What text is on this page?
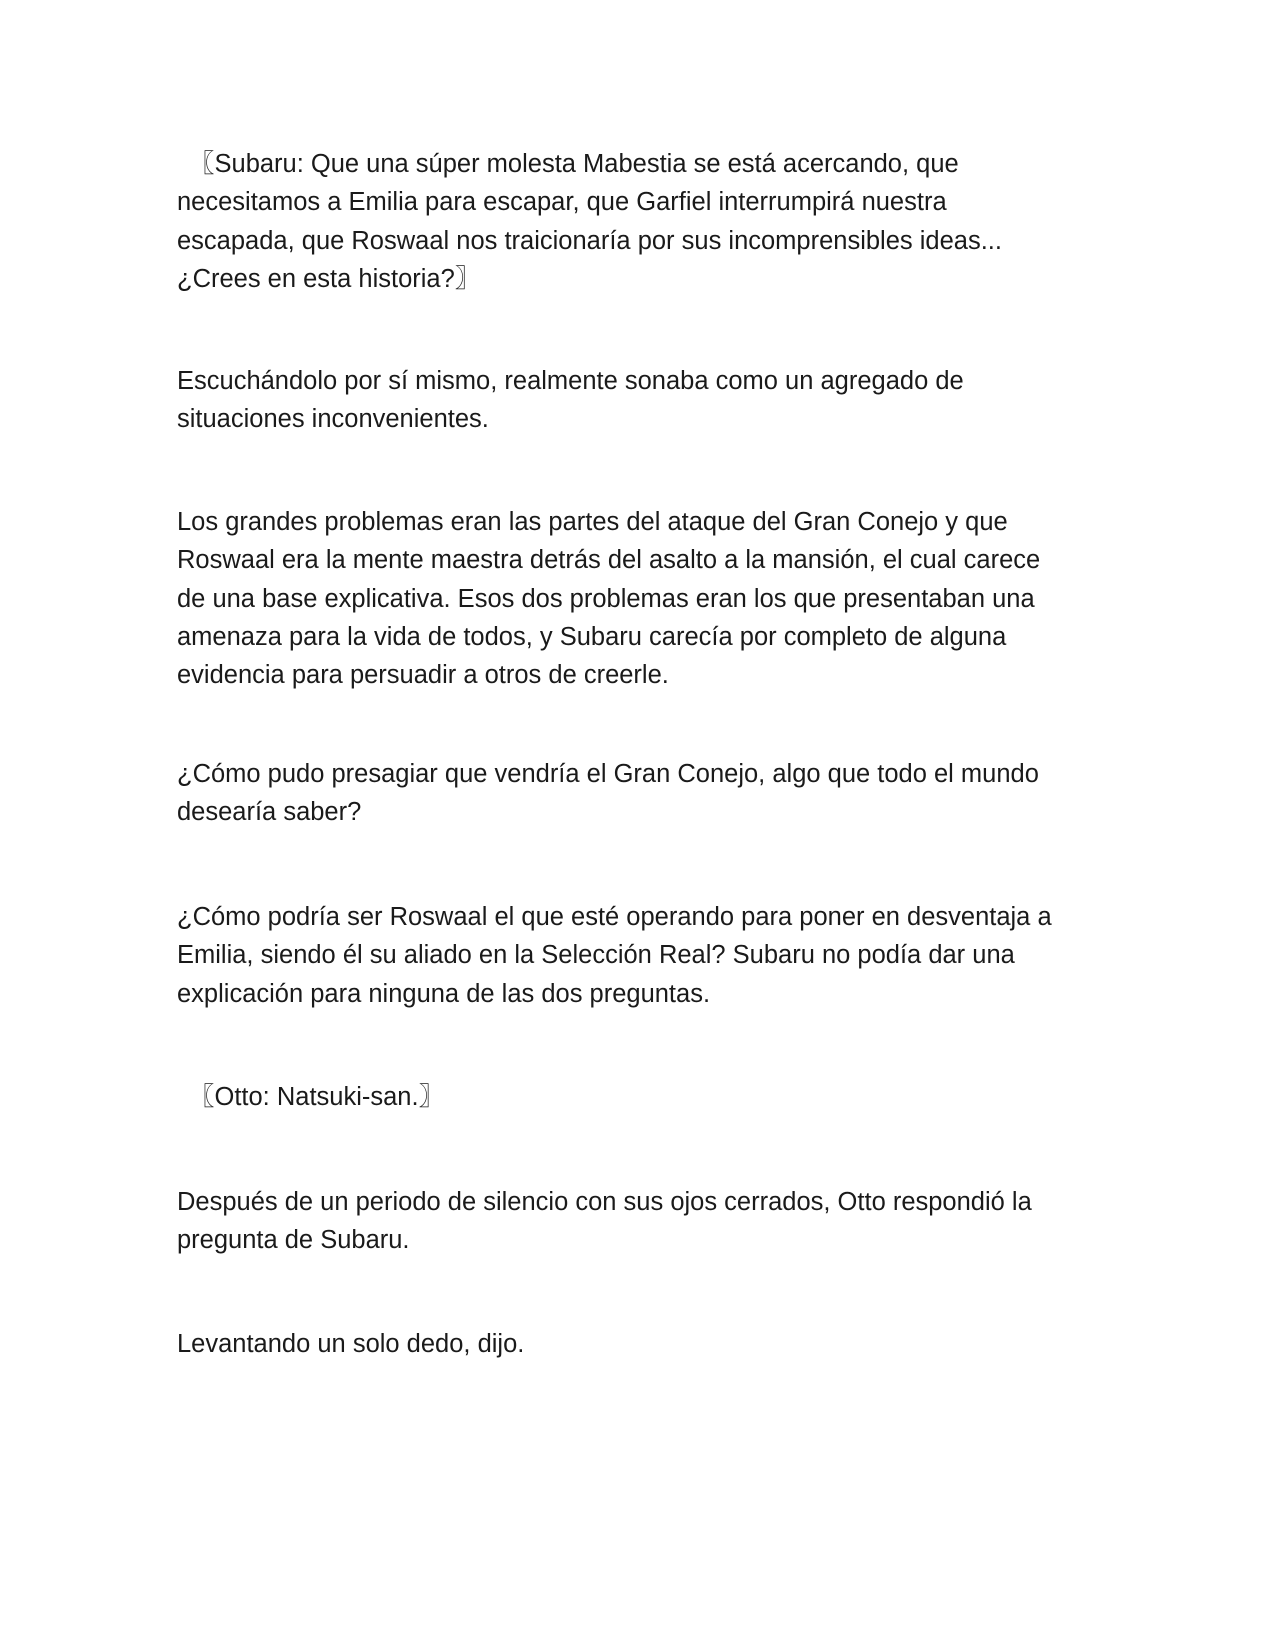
〖Subaru: Que una súper molesta Mabestia se está acercando, que
necesitamos a Emilia para escapar, que Garfiel interrumpirá nuestra
escapada, que Roswaal nos traicionaría por sus incomprensibles ideas...
¿Crees en esta historia?〗

Escuchándolo por sí mismo, realmente sonaba como un agregado de
situaciones inconvenientes.

Los grandes problemas eran las partes del ataque del Gran Conejo y que
Roswaal era la mente maestra detrás del asalto a la mansión, el cual carece
de una base explicativa. Esos dos problemas eran los que presentaban una
amenaza para la vida de todos, y Subaru carecía por completo de alguna
evidencia para persuadir a otros de creerle.

¿Cómo pudo presagiar que vendría el Gran Conejo, algo que todo el mundo
desearía saber?

¿Cómo podría ser Roswaal el que esté operando para poner en desventaja a
Emilia, siendo él su aliado en la Selección Real? Subaru no podía dar una
explicación para ninguna de las dos preguntas.

〖Otto: Natsuki-san.〗

Después de un periodo de silencio con sus ojos cerrados, Otto respondió la
pregunta de Subaru.

Levantando un solo dedo, dijo.
